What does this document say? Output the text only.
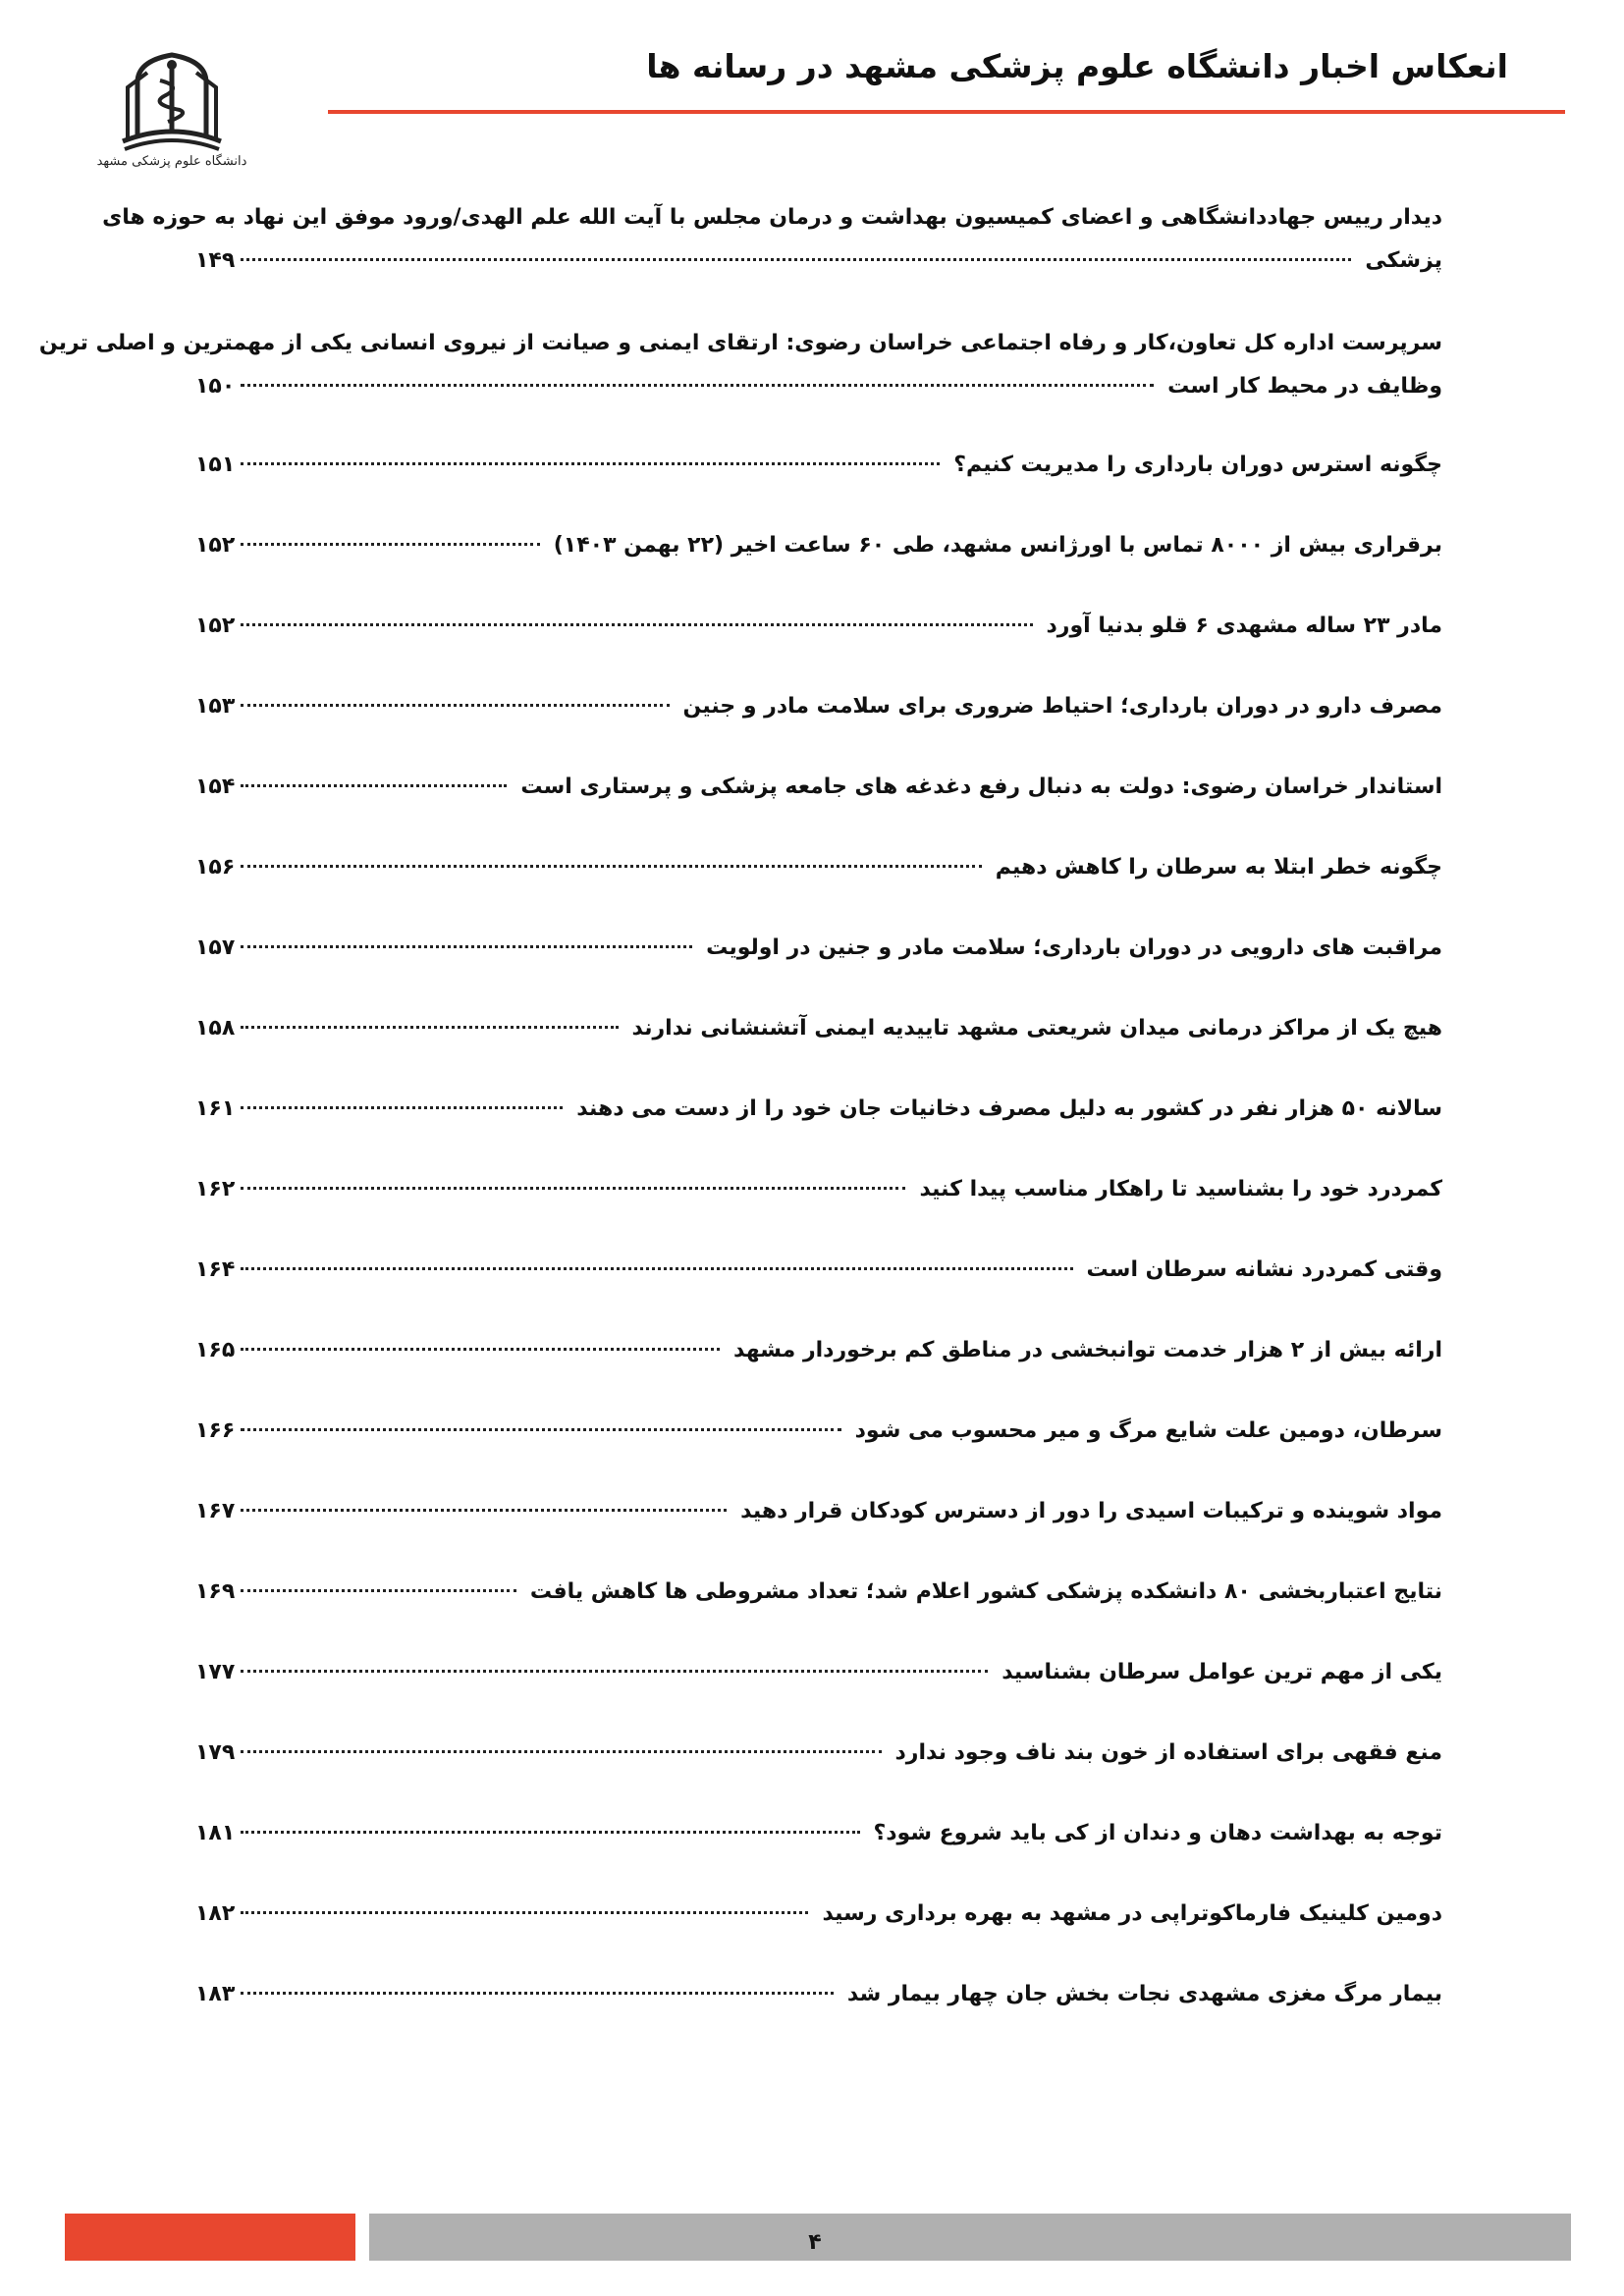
دانشگاه علوم پزشکی مشهد
انعکاس اخبار دانشگاه علوم پزشکی مشهد در رسانه ها
دیدار رییس جهاددانشگاهی و اعضای کمیسیون بهداشت و درمان مجلس با آیت الله علم الهدی/ورود موفق این نهاد به حوزه های
پزشکی
۱۴۹
سرپرست اداره کل تعاون،کار و رفاه اجتماعی خراسان رضوی: ارتقای ایمنی و صیانت از نیروی انسانی یکی از مهمترین و اصلی ترین
وظایف در محیط کار است
۱۵۰
چگونه استرس دوران بارداری را مدیریت کنیم؟
۱۵۱
برقراری بیش از ۸۰۰۰ تماس با اورژانس مشهد، طی ۶۰ ساعت اخیر (۲۲ بهمن ۱۴۰۳)
۱۵۲
مادر ۲۳ ساله مشهدی ۶ قلو بدنیا آورد
۱۵۲
مصرف دارو در دوران بارداری؛ احتیاط ضروری برای سلامت مادر و جنین
۱۵۳
استاندار خراسان رضوی: دولت به دنبال رفع دغدغه های جامعه پزشکی و پرستاری است
۱۵۴
چگونه خطر ابتلا به سرطان را کاهش دهیم
۱۵۶
مراقبت های دارویی در دوران بارداری؛ سلامت مادر و جنین در اولویت
۱۵۷
هیچ یک از مراکز درمانی میدان شریعتی مشهد تاییدیه ایمنی آتشنشانی ندارند
۱۵۸
سالانه ۵۰ هزار نفر در کشور به دلیل مصرف دخانیات جان خود را از دست می دهند
۱۶۱
کمردرد خود را بشناسید تا راهکار مناسب پیدا کنید
۱۶۲
وقتی کمردرد نشانه سرطان است
۱۶۴
ارائه بیش از ۲ هزار خدمت توانبخشی در مناطق کم برخوردار مشهد
۱۶۵
سرطان، دومین علت شایع مرگ و میر محسوب می شود
۱۶۶
مواد شوینده و ترکیبات اسیدی را دور از دسترس کودکان قرار دهید
۱۶۷
نتایج اعتباربخشی ۸۰ دانشکده پزشکی کشور اعلام شد؛ تعداد مشروطی ها کاهش یافت
۱۶۹
یکی از مهم ترین عوامل سرطان بشناسید
۱۷۷
منع فقهی برای استفاده از خون بند ناف وجود ندارد
۱۷۹
توجه به بهداشت دهان و دندان از کی باید شروع شود؟
۱۸۱
دومین کلینیک فارماکوتراپی در مشهد به بهره برداری رسید
۱۸۲
بیمار مرگ مغزی مشهدی نجات بخش جان چهار بیمار شد
۱۸۳
۴
